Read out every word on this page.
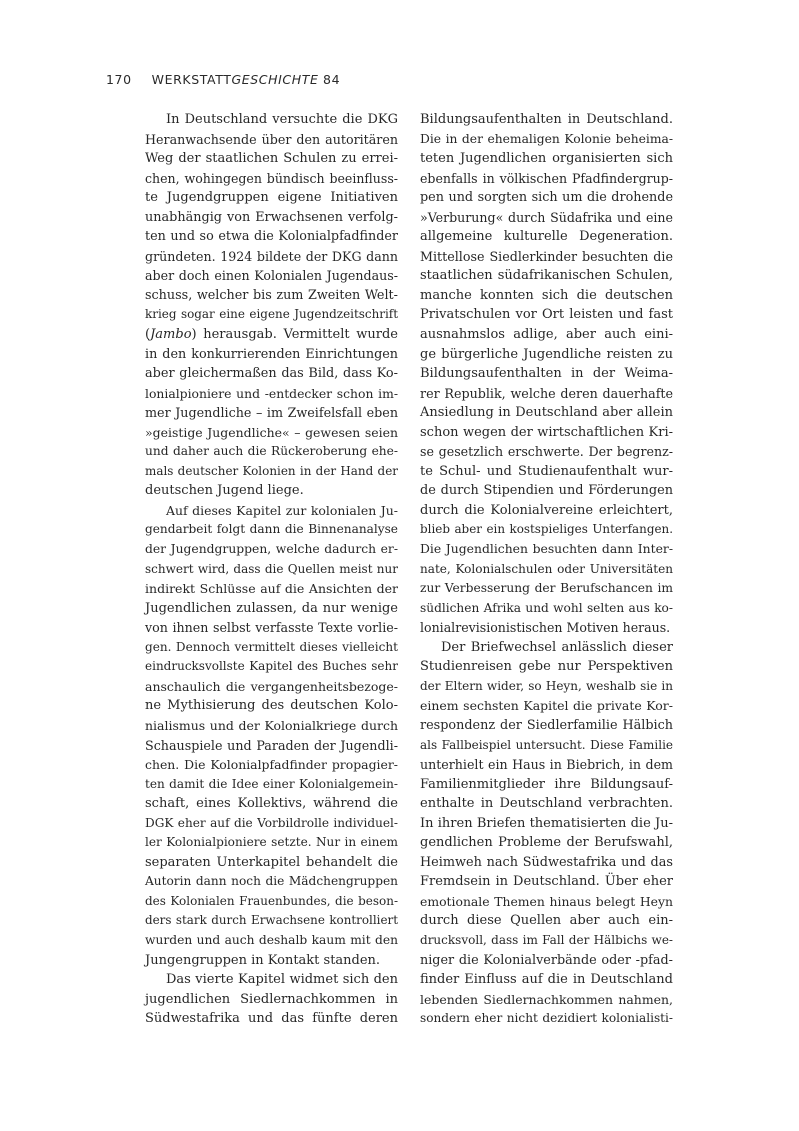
170 WERKSTATTGESCHICHTE 84
In Deutschland versuchte die DKG
Heranwachsende über den autoritären
Weg der staatlichen Schulen zu errei-
chen, wohingegen bündisch beeinfluss-
te Jugendgruppen eigene Initiativen
unabhängig von Erwachsenen verfolg-
ten und so etwa die Kolonialpfadfinder
gründeten. 1924 bildete der DKG dann
aber doch einen Kolonialen Jugendaus-
schuss, welcher bis zum Zweiten Welt-
krieg sogar eine eigene Jugendzeitschrift
(Jambo) herausgab. Vermittelt wurde
in den konkurrierenden Einrichtungen
aber gleichermaßen das Bild, dass Ko-
lonialpioniere und -entdecker schon im-
mer Jugendliche – im Zweifelsfall eben
»geistige Jugendliche« – gewesen seien
und daher auch die Rückeroberung ehe-
mals deutscher Kolonien in der Hand der
deutschen Jugend liege.
Auf dieses Kapitel zur kolonialen Ju-
gendarbeit folgt dann die Binnenanalyse
der Jugendgruppen, welche dadurch er-
schwert wird, dass die Quellen meist nur
indirekt Schlüsse auf die Ansichten der
Jugendlichen zulassen, da nur wenige
von ihnen selbst verfasste Texte vorlie-
gen. Dennoch vermittelt dieses vielleicht
eindrucksvollste Kapitel des Buches sehr
anschaulich die vergangenheitsbezoge-
ne Mythisierung des deutschen Kolo-
nialismus und der Kolonialkriege durch
Schauspiele und Paraden der Jugendli-
chen. Die Kolonialpfadfinder propagier-
ten damit die Idee einer Kolonialgemein-
schaft, eines Kollektivs, während die
DGK eher auf die Vorbildrolle individuel-
ler Kolonialpioniere setzte. Nur in einem
separaten Unterkapitel behandelt die
Autorin dann noch die Mädchengruppen
des Kolonialen Frauenbundes, die beson-
ders stark durch Erwachsene kontrolliert
wurden und auch deshalb kaum mit den
Jungengruppen in Kontakt standen.
Das vierte Kapitel widmet sich den
jugendlichen Siedlernachkommen in
Südwestafrika und das fünfte deren
Bildungsaufenthalten in Deutschland.
Die in der ehemaligen Kolonie beheima-
teten Jugendlichen organisierten sich
ebenfalls in völkischen Pfadfindergrup-
pen und sorgten sich um die drohende
»Verburung« durch Südafrika und eine
allgemeine kulturelle Degeneration.
Mittellose Siedlerkinder besuchten die
staatlichen südafrikanischen Schulen,
manche konnten sich die deutschen
Privatschulen vor Ort leisten und fast
ausnahmslos adlige, aber auch eini-
ge bürgerliche Jugendliche reisten zu
Bildungsaufenthalten in der Weima-
rer Republik, welche deren dauerhafte
Ansiedlung in Deutschland aber allein
schon wegen der wirtschaftlichen Kri-
se gesetzlich erschwerte. Der begrenz-
te Schul- und Studienaufenthalt wur-
de durch Stipendien und Förderungen
durch die Kolonialvereine erleichtert,
blieb aber ein kostspieliges Unterfangen.
Die Jugendlichen besuchten dann Inter-
nate, Kolonialschulen oder Universitäten
zur Verbesserung der Berufschancen im
südlichen Afrika und wohl selten aus ko-
lonialrevisionistischen Motiven heraus.
Der Briefwechsel anlässlich dieser
Studienreisen gebe nur Perspektiven
der Eltern wider, so Heyn, weshalb sie in
einem sechsten Kapitel die private Kor-
respondenz der Siedlerfamilie Hälbich
als Fallbeispiel untersucht. Diese Familie
unterhielt ein Haus in Biebrich, in dem
Familienmitglieder ihre Bildungsauf-
enthalte in Deutschland verbrachten.
In ihren Briefen thematisierten die Ju-
gendlichen Probleme der Berufswahl,
Heimweh nach Südwestafrika und das
Fremdsein in Deutschland. Über eher
emotionale Themen hinaus belegt Heyn
durch diese Quellen aber auch ein-
drucksvoll, dass im Fall der Hälbichs we-
niger die Kolonialverbände oder -pfad-
finder Einfluss auf die in Deutschland
lebenden Siedlernachkommen nahmen,
sondern eher nicht dezidiert kolonialisti-
